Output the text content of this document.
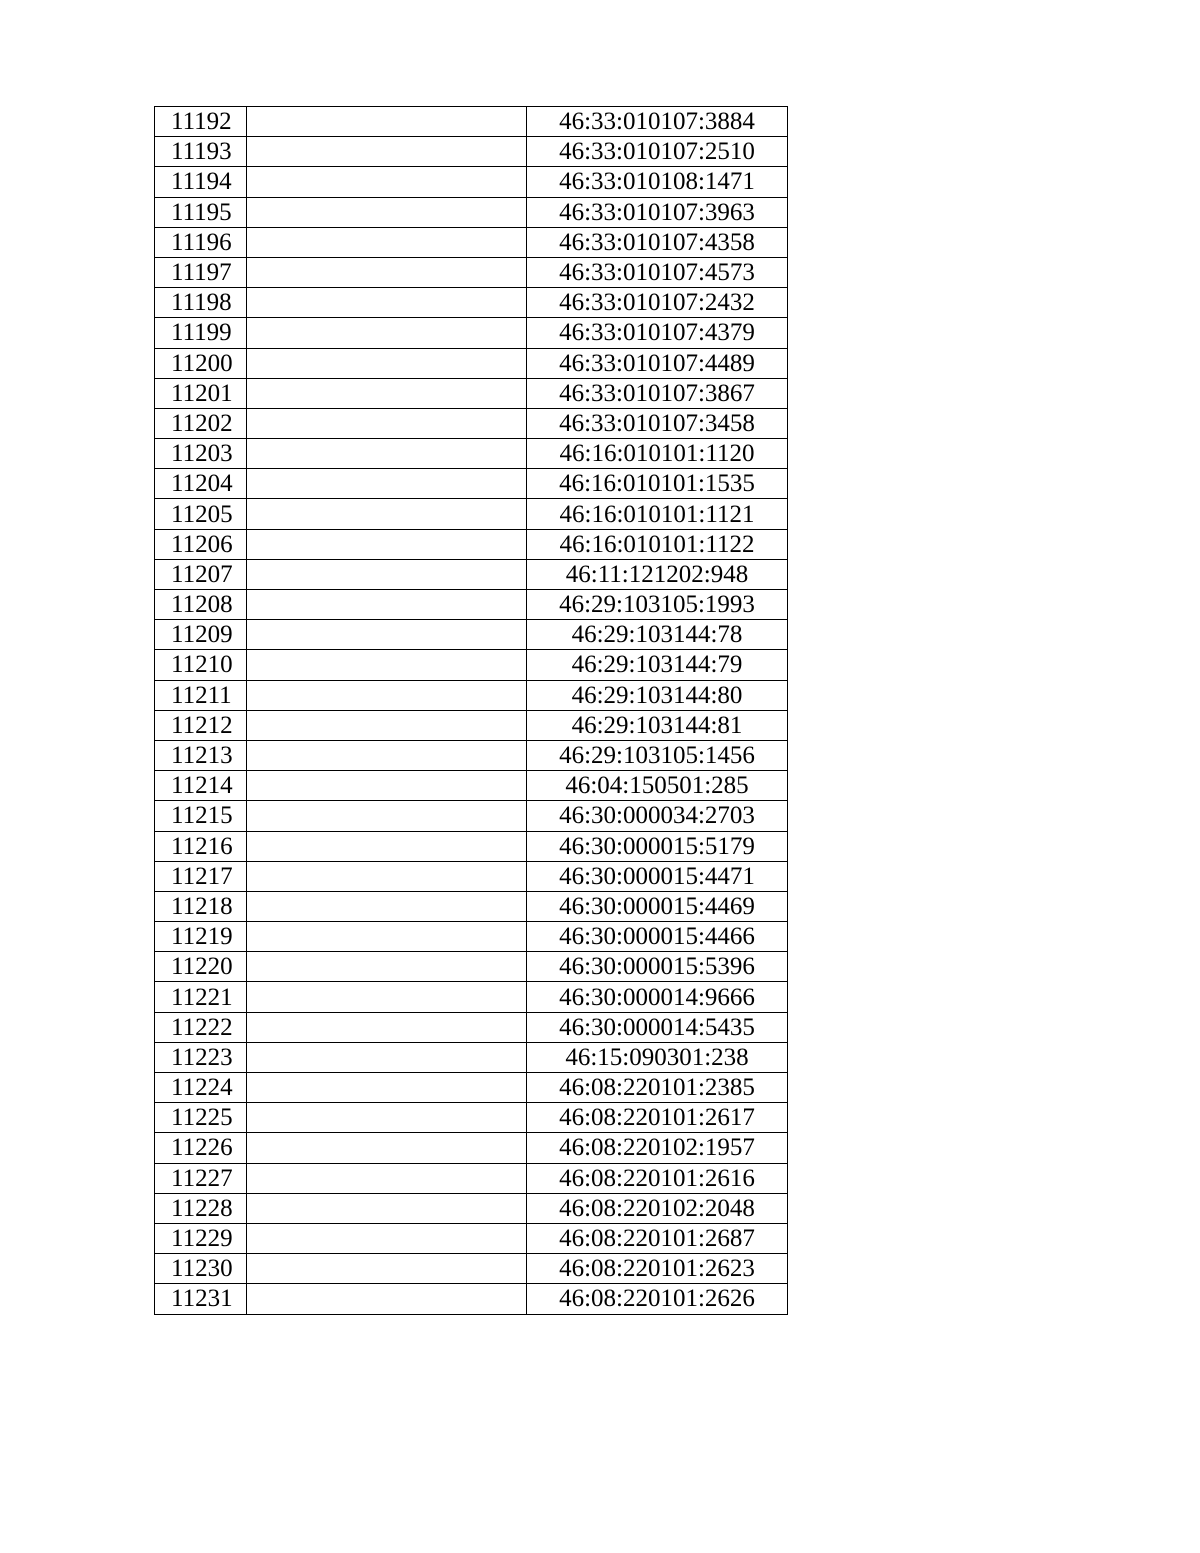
11192		46:33:010107:3884
11193		46:33:010107:2510
11194		46:33:010108:1471
11195		46:33:010107:3963
11196		46:33:010107:4358
11197		46:33:010107:4573
11198		46:33:010107:2432
11199		46:33:010107:4379
11200		46:33:010107:4489
11201		46:33:010107:3867
11202		46:33:010107:3458
11203		46:16:010101:1120
11204		46:16:010101:1535
11205		46:16:010101:1121
11206		46:16:010101:1122
11207		46:11:121202:948
11208		46:29:103105:1993
11209		46:29:103144:78
11210		46:29:103144:79
11211		46:29:103144:80
11212		46:29:103144:81
11213		46:29:103105:1456
11214		46:04:150501:285
11215		46:30:000034:2703
11216		46:30:000015:5179
11217		46:30:000015:4471
11218		46:30:000015:4469
11219		46:30:000015:4466
11220		46:30:000015:5396
11221		46:30:000014:9666
11222		46:30:000014:5435
11223		46:15:090301:238
11224		46:08:220101:2385
11225		46:08:220101:2617
11226		46:08:220102:1957
11227		46:08:220101:2616
11228		46:08:220102:2048
11229		46:08:220101:2687
11230		46:08:220101:2623
11231		46:08:220101:2626
